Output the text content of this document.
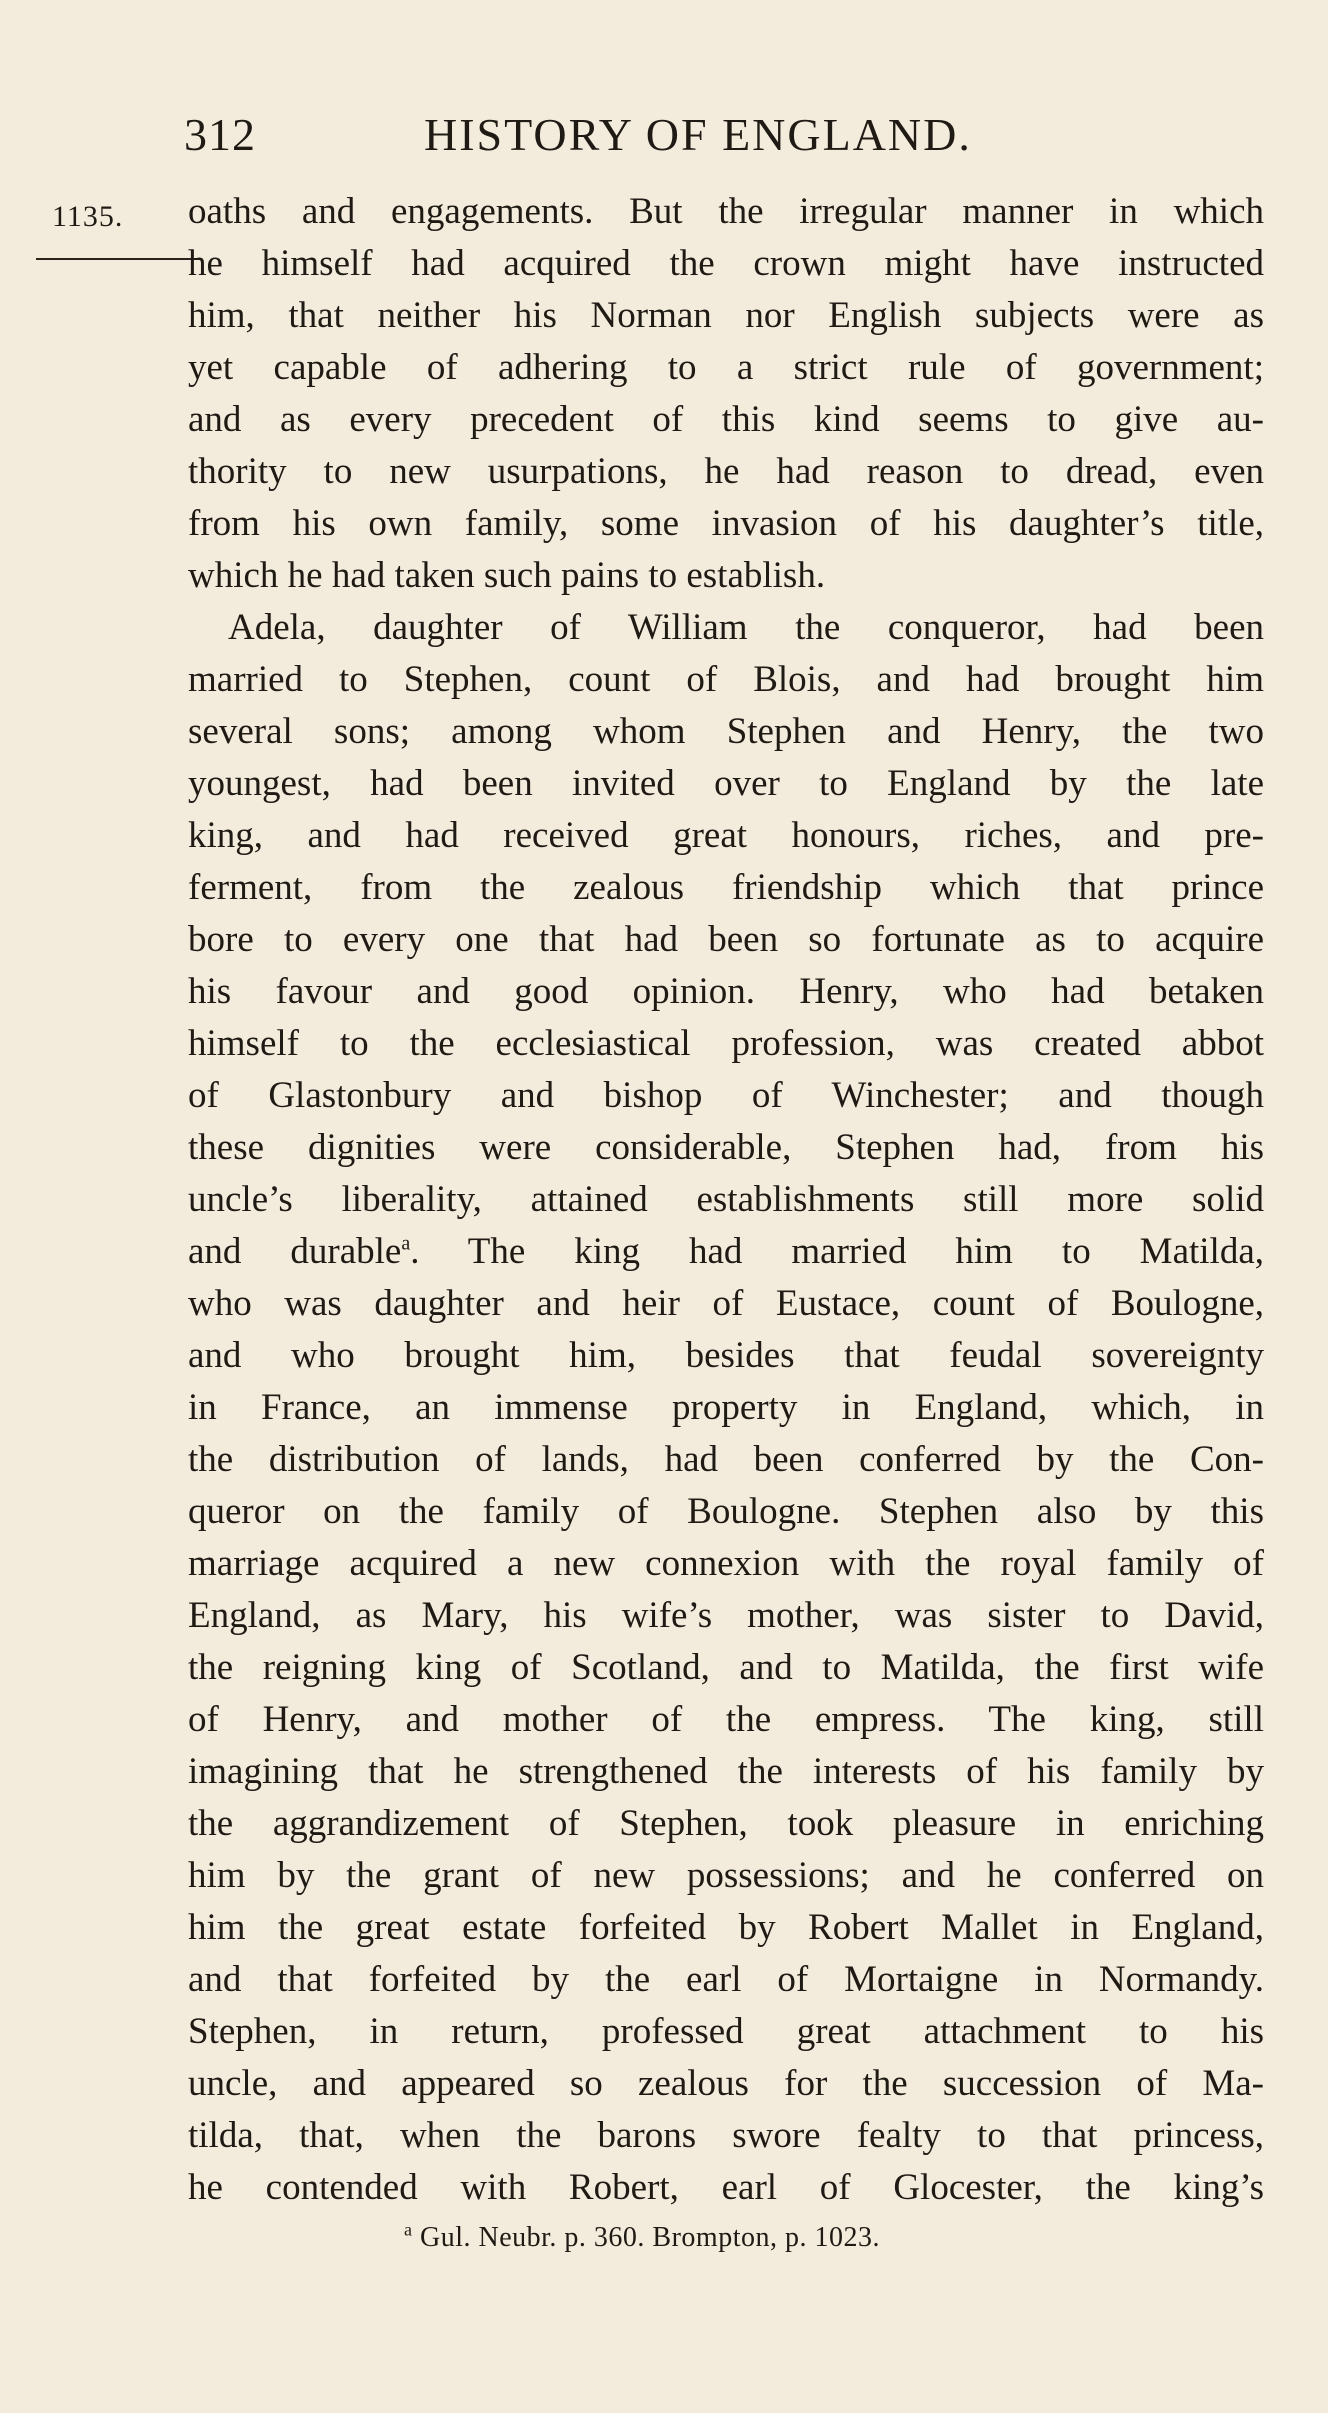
312	HISTORY OF ENGLAND.
1135. oaths and engagements. But the irregular manner in which
he himself had acquired the crown might have instructed
him, that neither his Norman nor English subjects were as
yet capable of adhering to a strict rule of government;
and as every precedent of this kind seems to give au-
thority to new usurpations, he had reason to dread, even
from his own family, some invasion of his daughter’s title,
which he had taken such pains to establish.
Adela, daughter of William the conqueror, had been
married to Stephen, count of Blois, and had brought him
several sons; among whom Stephen and Henry, the two
youngest, had been invited over to England by the late
king, and had received great honours, riches, and pre-
ferment, from the zealous friendship which that prince
bore to every one that had been so fortunate as to acquire
his favour and good opinion. Henry, who had betaken
himself to the ecclesiastical profession, was created abbot
of Glastonbury and bishop of Winchester; and though
these dignities were considerable, Stephen had, from his
uncle’s liberality, attained establishments still more solid
and durable$^a$. The king had married him to Matilda,
who was daughter and heir of Eustace, count of Boulogne,
and who brought him, besides that feudal sovereignty
in France, an immense property in England, which, in
the distribution of lands, had been conferred by the Con-
queror on the family of Boulogne. Stephen also by this
marriage acquired a new connexion with the royal family of
England, as Mary, his wife’s mother, was sister to David,
the reigning king of Scotland, and to Matilda, the first wife
of Henry, and mother of the empress. The king, still
imagining that he strengthened the interests of his family by
the aggrandizement of Stephen, took pleasure in enriching
him by the grant of new possessions; and he conferred on
him the great estate forfeited by Robert Mallet in England,
and that forfeited by the earl of Mortaigne in Normandy.
Stephen, in return, professed great attachment to his
uncle, and appeared so zealous for the succession of Ma-
tilda, that, when the barons swore fealty to that princess,
he contended with Robert, earl of Glocester, the king’s
$^a$ Gul. Neubr. p. 360. Brompton, p. 1023.
